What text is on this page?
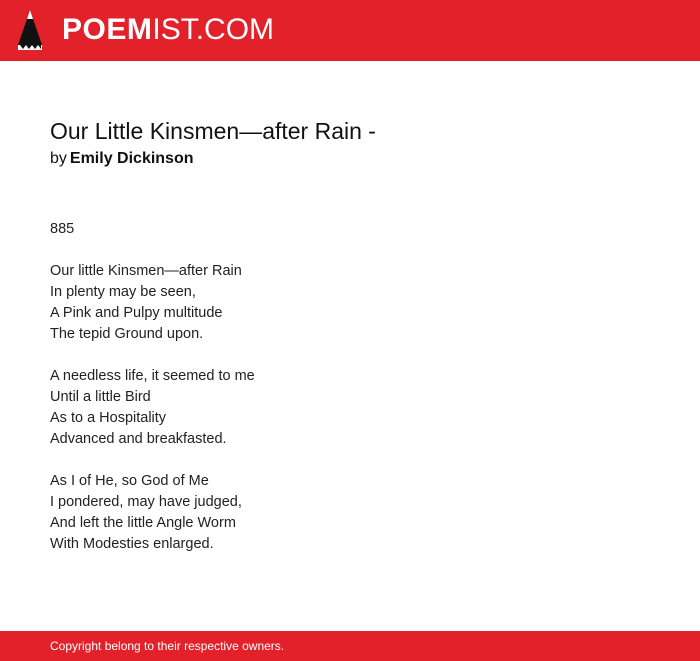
POEMIST.COM
Our Little Kinsmen—after Rain -
by Emily Dickinson
885
Our little Kinsmen—after Rain
In plenty may be seen,
A Pink and Pulpy multitude
The tepid Ground upon.
A needless life, it seemed to me
Until a little Bird
As to a Hospitality
Advanced and breakfasted.
As I of He, so God of Me
I pondered, may have judged,
And left the little Angle Worm
With Modesties enlarged.
Copyright belong to their respective owners.
